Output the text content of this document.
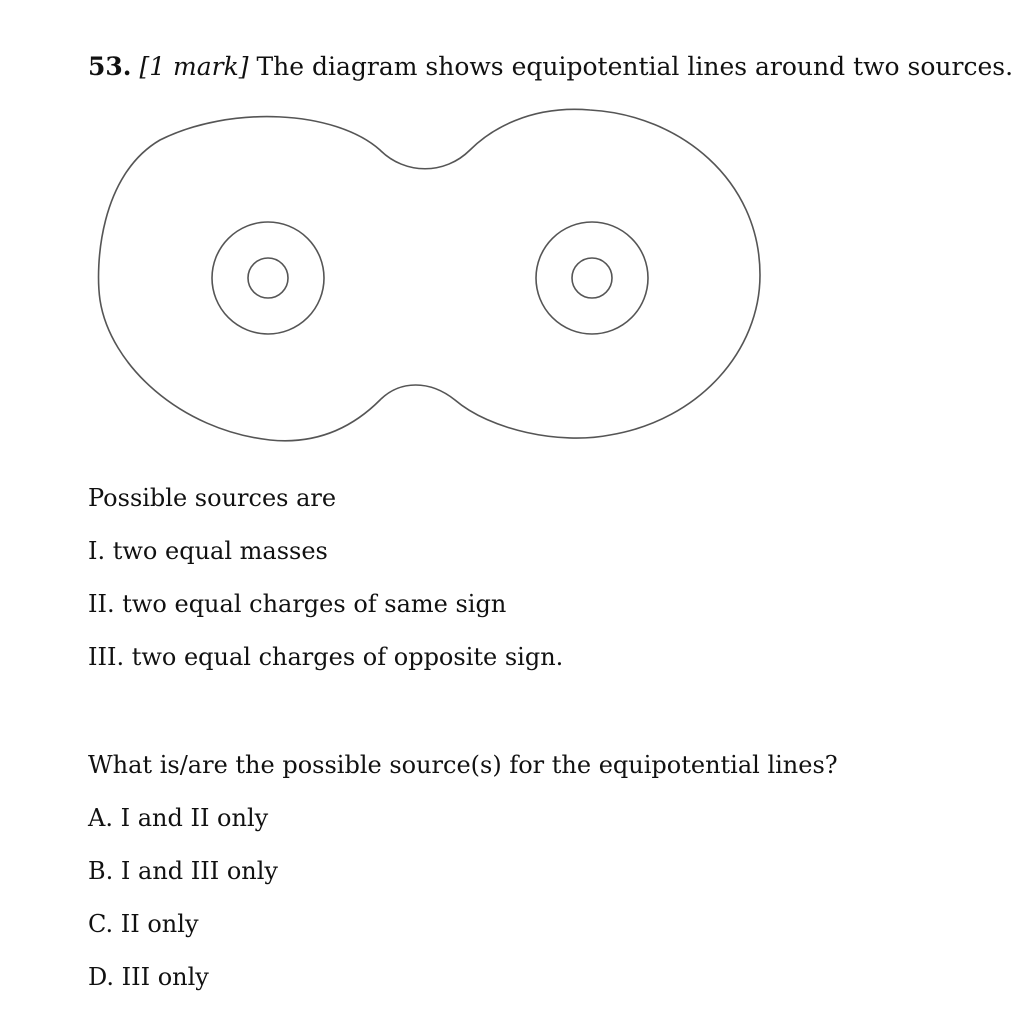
53. [1 mark] The diagram shows equipotential lines around two sources.
Possible sources are
I. two equal masses
II. two equal charges of same sign
III. two equal charges of opposite sign.
What is/are the possible source(s) for the equipotential lines?
A. I and II only
B. I and III only
C. II only
D. III only
